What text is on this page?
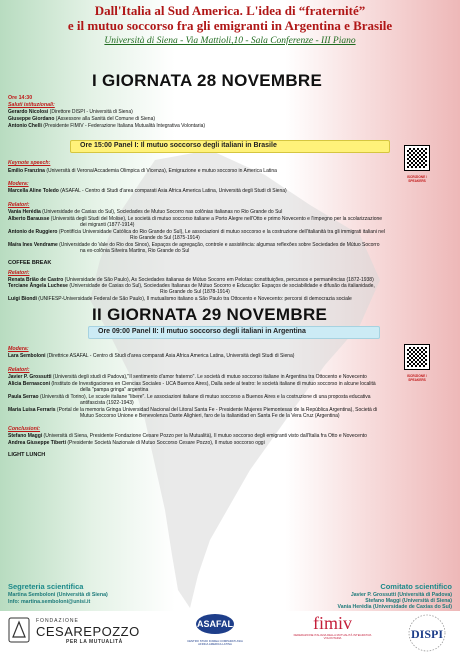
Dall'Italia al Sud America. L'idea di “fraternité”
e il mutuo soccorso fra gli emigranti in Argentina e Brasile
Università di Siena - Via Mattioli,10 - Sala Conferenze - III Piano
I GIORNATA 28 NOVEMBRE
Ore 14:30
Saluti istituzionali:
Gerardo Nicolosi (Direttore DISPI - Università di Siena)
Giuseppe Giordano (Assessore alla Sanità del Comune di Siena)
Antonio Chelli (Presidente FIMIV - Federazione Italiana Mutualità Integrativa Volontaria)
Ore 15:00 Panel I: Il mutuo soccorso degli italiani in Brasile
ISCRIZIONE / SPEAKERS
Keynote speech:
Emilio Franzina (Università di Verona/Accademia Olimpica di Vicenza), Emigrazione e mutuo soccorso in America Latina
Modera:
Marcella Aline Toledo (ASAFAL - Centro di Studi d'area comparati Asia Africa America Latina, Università degli Studi di Siena)
Relatori:
Vania Herédia (Universidade de Caxias do Sul), Sociedades de Mutuo Socorro nas colônias italianas no Rio Grande do Sul
Alberto Barausse (Università degli Studi del Molise), Le società di mutuo soccorso italiane a Porto Alegre nell'Otto e primo Novecento e l'impegno per la scolarizzazione
dei migranti (1877-1914)
Antonio de Ruggiero (Pontifícia Universidade Católica do Rio Grande do Sul), Le associazioni di mutuo soccorso e la costruzione dell'italianità tra gli immigrati italiani nel
Rio Grande do Sul (1875-1914)
Maíra Ines Vendrame (Universidade do Vale do Rio dos Sinos), Espaços de agregação, controle e assistência: algumas reflexões sobre Sociedades de Mútuo Socorro
na ex-colônia Silveira Martins, Rio Grande do Sul
COFFEE BREAK
Relatori:
Renata Brião de Castro (Universidade de São Paulo), As Sociedades italianas de Mútuo Socorro em Pelotas: constituições, percursos e permanências (1872-1938)
Terciane Ângela Luchese (Universidade de Caxias do Sul), Sociedades Italianas de Mútuo Socorro e Educação: Espaços de sociabilidade e difusão da italianidade,
Rio Grande do Sul (1878-1914)
Luigi Biondi (UNIFESP-Universidade Federal de São Paulo), Il mutualismo italiano a São Paulo tra Ottocento e Novecento: percorsi di democrazia sociale
II GIORNATA 29 NOVEMBRE
Ore 09:00 Panel II: Il mutuo soccorso degli italiani in Argentina
ISCRIZIONE / SPEAKERS
Modera:
Lara Semboloni (Direttrice ASAFAL - Centro di Studi d'area comparati Asia Africa America Latina, Università degli Studi di Siena)
Relatori:
Javier P. Grossutti (Università degli studi di Padova),"Il sentimento d'amor fraterno". Le società di mutuo soccorso italiane in Argentina tra Ottocento e Novecento
Alicia Bernasconi (Instituto de Investigaciones en Ciencias Sociales - UCA Buenos Aires), Dalla sede al teatro: le società italiane di mutuo soccorso in alcune località
della "pampa gringa" argentina
Paula Serrao (Università di Torino), Le scuole italiane "libere". Le associazioni italiane di mutuo soccorso a Buenos Aires e la costruzione di una proposta educativa
antifascista (1922-1943)
Maria Luisa Ferraris (Portal de la memoria Gringa Universidad Nacional del Litoral Santa Fe - Presidente Mujeres Piemontesas de la República Argentina), Società di
Mutuo Soccorso Unione e Benevolenza Dante Alighieri, faro de la italianidad en Santa Fe de la Vera Cruz (Argentina)
Conclusioni:
Stefano Maggi (Università di Siena, Presidente Fondazione Cesare Pozzo per la Mutualità), Il mutuo soccorso degli emigranti visto dall'Italia fra Otto e Novecento
Andrea Giuseppe Tiberti (Presidente Società Nazionale di Mutuo Soccorso Cesare Pozzo), Il mutuo soccorso oggi
LIGHT LUNCH
Segreteria scientifica
Martina Semboloni (Università di Siena)
Info: martina.semboloni@unisi.it
Comitato scientifico
Javier P. Grossutti (Università di Padova)
Stefano Maggi (Università di Siena)
Vania Herédia (Universidade de Caxias do Sul)
FONDAZIONE
CESAREPOZZO
PER LA MUTUALITÀ
ASAFAL
CENTRO STUDI D'AREA COMPARATI ASIA AFRICA AMERICA LATINA
fimiv
FEDERAZIONE ITALIANA DELLA MUTUALITÀ INTEGRATIVA VOLONTARIA	DISPI
